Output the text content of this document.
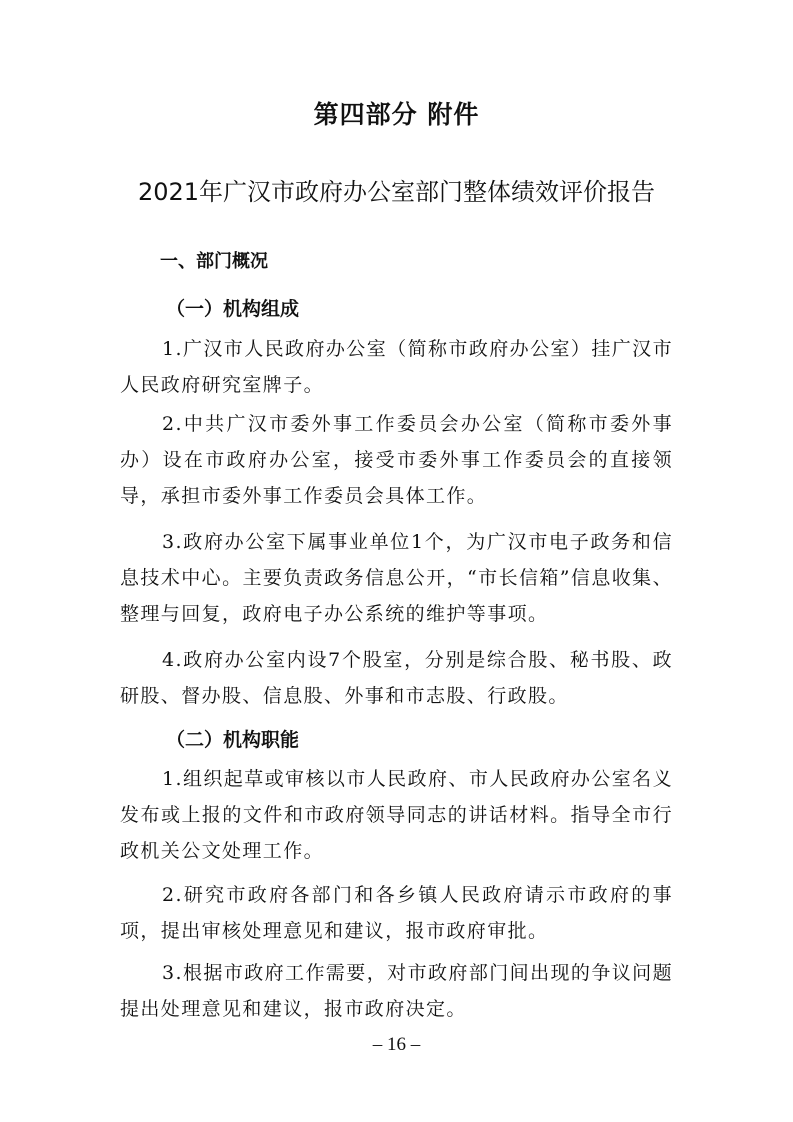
第四部分 附件
2021年广汉市政府办公室部门整体绩效评价报告
一、部门概况
（一）机构组成

1.广汉市人民政府办公室（简称市政府办公室）挂广汉市人民政府研究室牌子。

2.中共广汉市委外事工作委员会办公室（简称市委外事办）设在市政府办公室，接受市委外事工作委员会的直接领导，承担市委外事工作委员会具体工作。

3.政府办公室下属事业单位1个，为广汉市电子政务和信息技术中心。主要负责政务信息公开，“市长信箱”信息收集、整理与回复，政府电子办公系统的维护等事项。

4.政府办公室内设7个股室，分别是综合股、秘书股、政研股、督办股、信息股、外事和市志股、行政股。

（二）机构职能

1.组织起草或审核以市人民政府、市人民政府办公室名义发布或上报的文件和市政府领导同志的讲话材料。指导全市行政机关公文处理工作。

2.研究市政府各部门和各乡镇人民政府请示市政府的事项，提出审核处理意见和建议，报市政府审批。

3.根据市政府工作需要，对市政府部门间出现的争议问题提出处理意见和建议，报市政府决定。

– 16 –
